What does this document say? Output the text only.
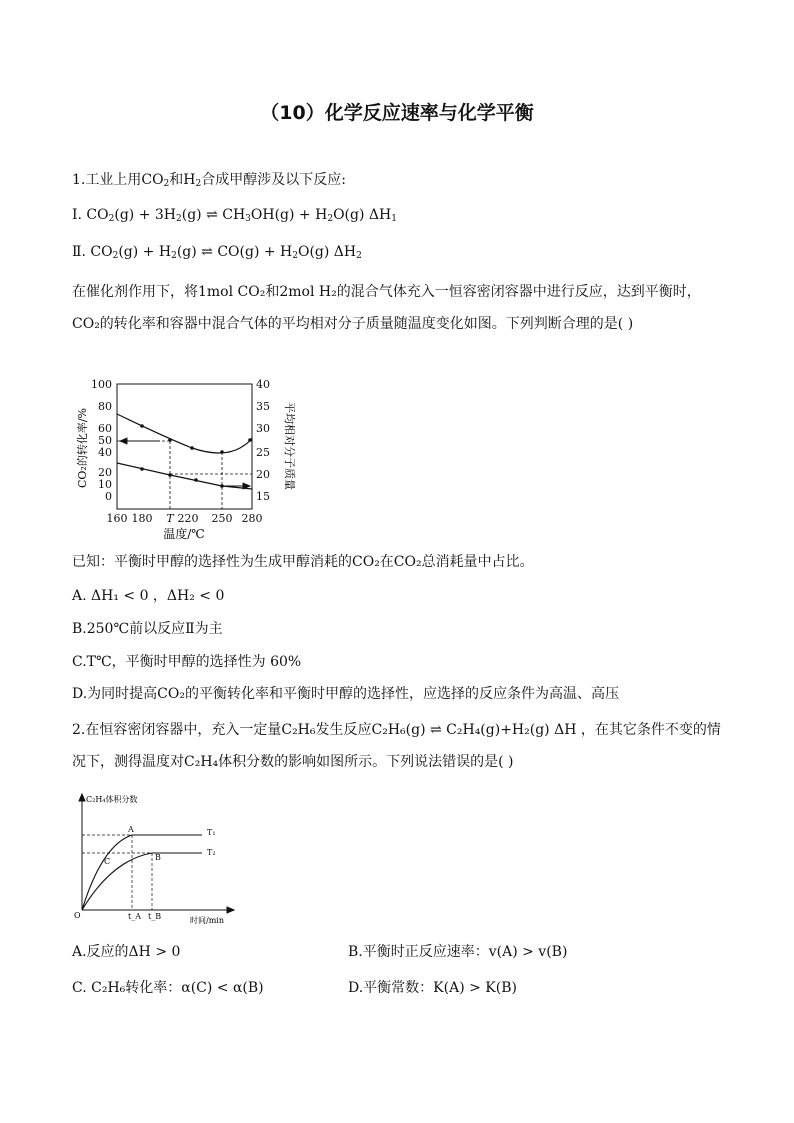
（10）化学反应速率与化学平衡
1.工业上用$CO_2$和$H_2$合成甲醇涉及以下反应:
Ⅰ. $CO_2(g) + 3H_2(g)$ ⇌ $CH_3OH(g) + H_2O(g)$ $\Delta H_1$
Ⅱ. $CO_2(g) + H_2(g)$ ⇌ $CO(g) + H_2O(g)$ $\Delta H_2$
在催化剂作用下，将1mol CO₂和2mol H₂的混合气体充入一恒容密闭容器中进行反应，达到平衡时，CO₂的转化率和容器中混合气体的平均相对分子质量随温度变化如图。下列判断合理的是( )
100
80
60
50
40
20
10
0
40
35
30
25
20
15
160 180 T 220 250 280
温度/℃
CO₂的转化率/%	平均相对分子质量
已知：平衡时甲醇的选择性为生成甲醇消耗的CO₂在CO₂总消耗量中占比。
A. ΔH₁ < 0 ，ΔH₂ < 0
B.250℃前以反应Ⅱ为主
C.T℃，平衡时甲醇的选择性为 60%
D.为同时提高CO₂的平衡转化率和平衡时甲醇的选择性，应选择的反应条件为高温、高压
2.在恒容密闭容器中，充入一定量C₂H₆发生反应C₂H₆(g) ⇌ C₂H₄(g)+H₂(g) ΔH ，在其它条件不变的情况下，测得温度对C₂H₄体积分数的影响如图所示。下列说法错误的是( )
C₂H₄体积分数
时间/min
O
A
B
C
T₁
T₂
t_A t_B
A.反应的ΔH > 0	B.平衡时正反应速率：v(A) > v(B)
C. C₂H₆转化率：α(C) < α(B)	D.平衡常数：K(A) > K(B)
